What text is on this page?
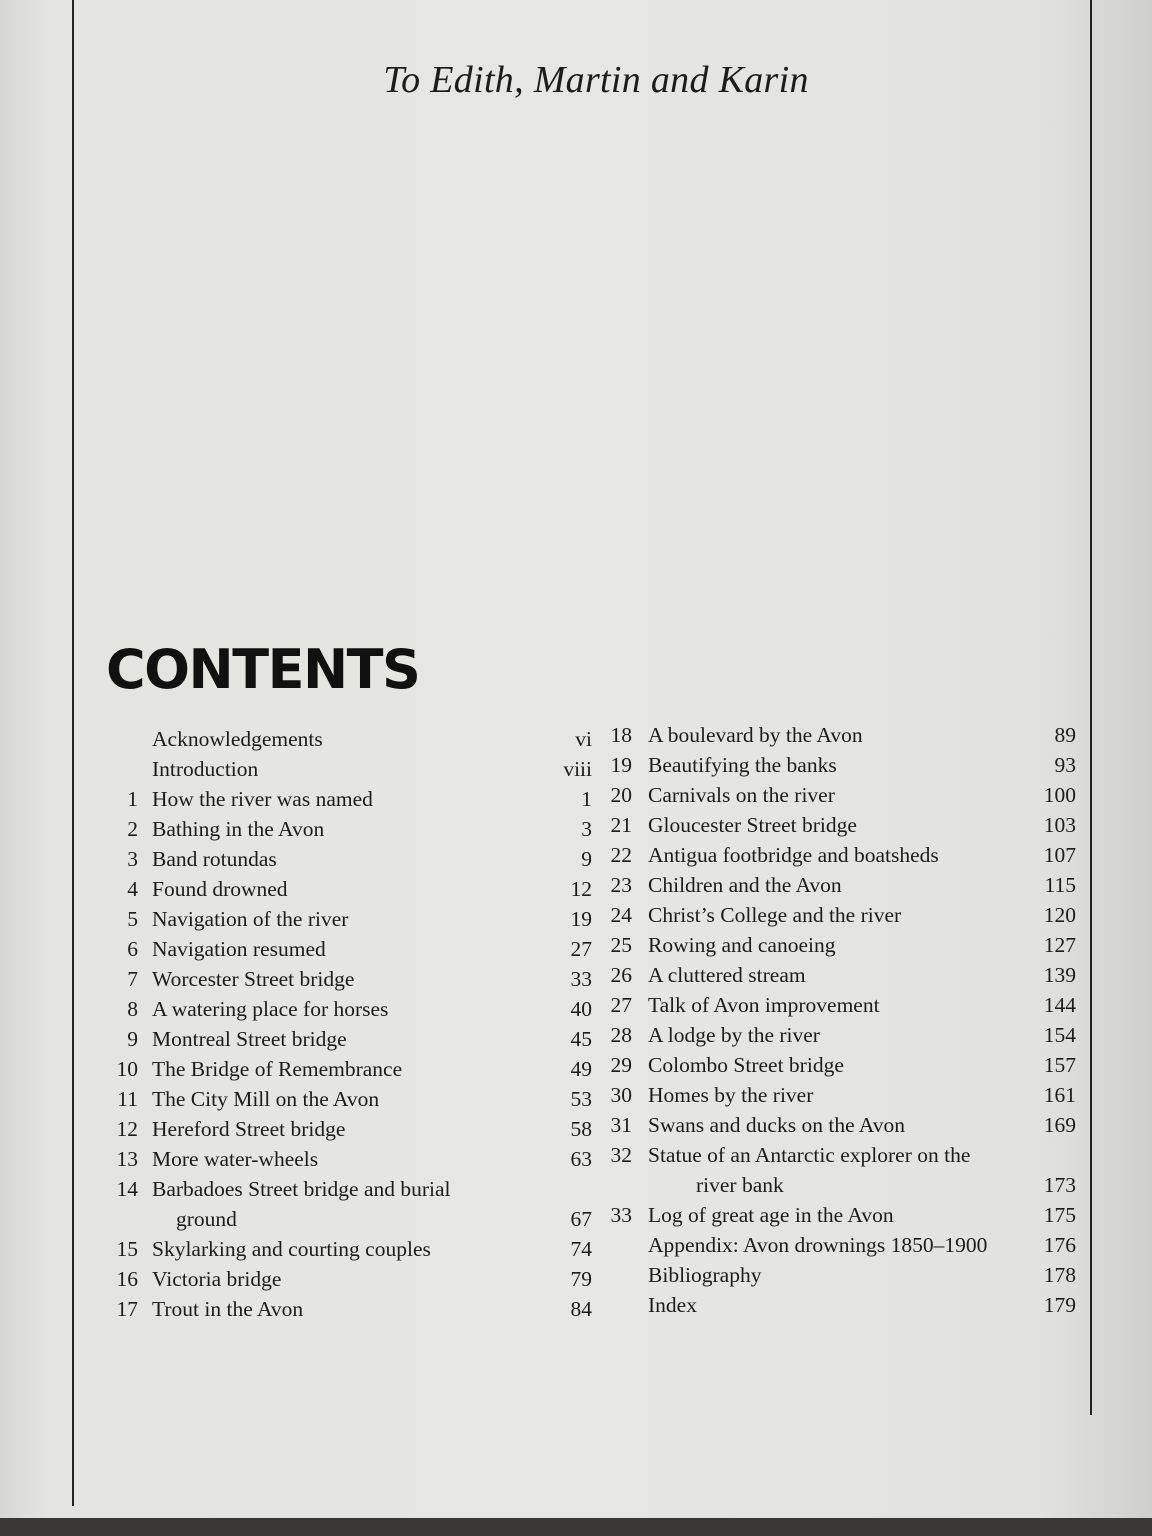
To Edith, Martin and Karin
CONTENTS
Acknowledgements	vi
Introduction	viii
1 How the river was named	1
2 Bathing in the Avon	3
3 Band rotundas	9
4 Found drowned	12
5 Navigation of the river	19
6 Navigation resumed	27
7 Worcester Street bridge	33
8 A watering place for horses	40
9 Montreal Street bridge	45
10 The Bridge of Remembrance	49
11 The City Mill on the Avon	53
12 Hereford Street bridge	58
13 More water-wheels	63
14 Barbadoes Street bridge and burial
ground	67
15 Skylarking and courting couples	74
16 Victoria bridge	79
17 Trout in the Avon	84
18 A boulevard by the Avon	89
19 Beautifying the banks	93
20 Carnivals on the river	100
21 Gloucester Street bridge	103
22 Antigua footbridge and boatsheds	107
23 Children and the Avon	115
24 Christ’s College and the river	120
25 Rowing and canoeing	127
26 A cluttered stream	139
27 Talk of Avon improvement	144
28 A lodge by the river	154
29 Colombo Street bridge	157
30 Homes by the river	161
31 Swans and ducks on the Avon	169
32 Statue of an Antarctic explorer on the
river bank	173
33 Log of great age in the Avon	175
Appendix: Avon drownings 1850–1900	176
Bibliography	178
Index	179
